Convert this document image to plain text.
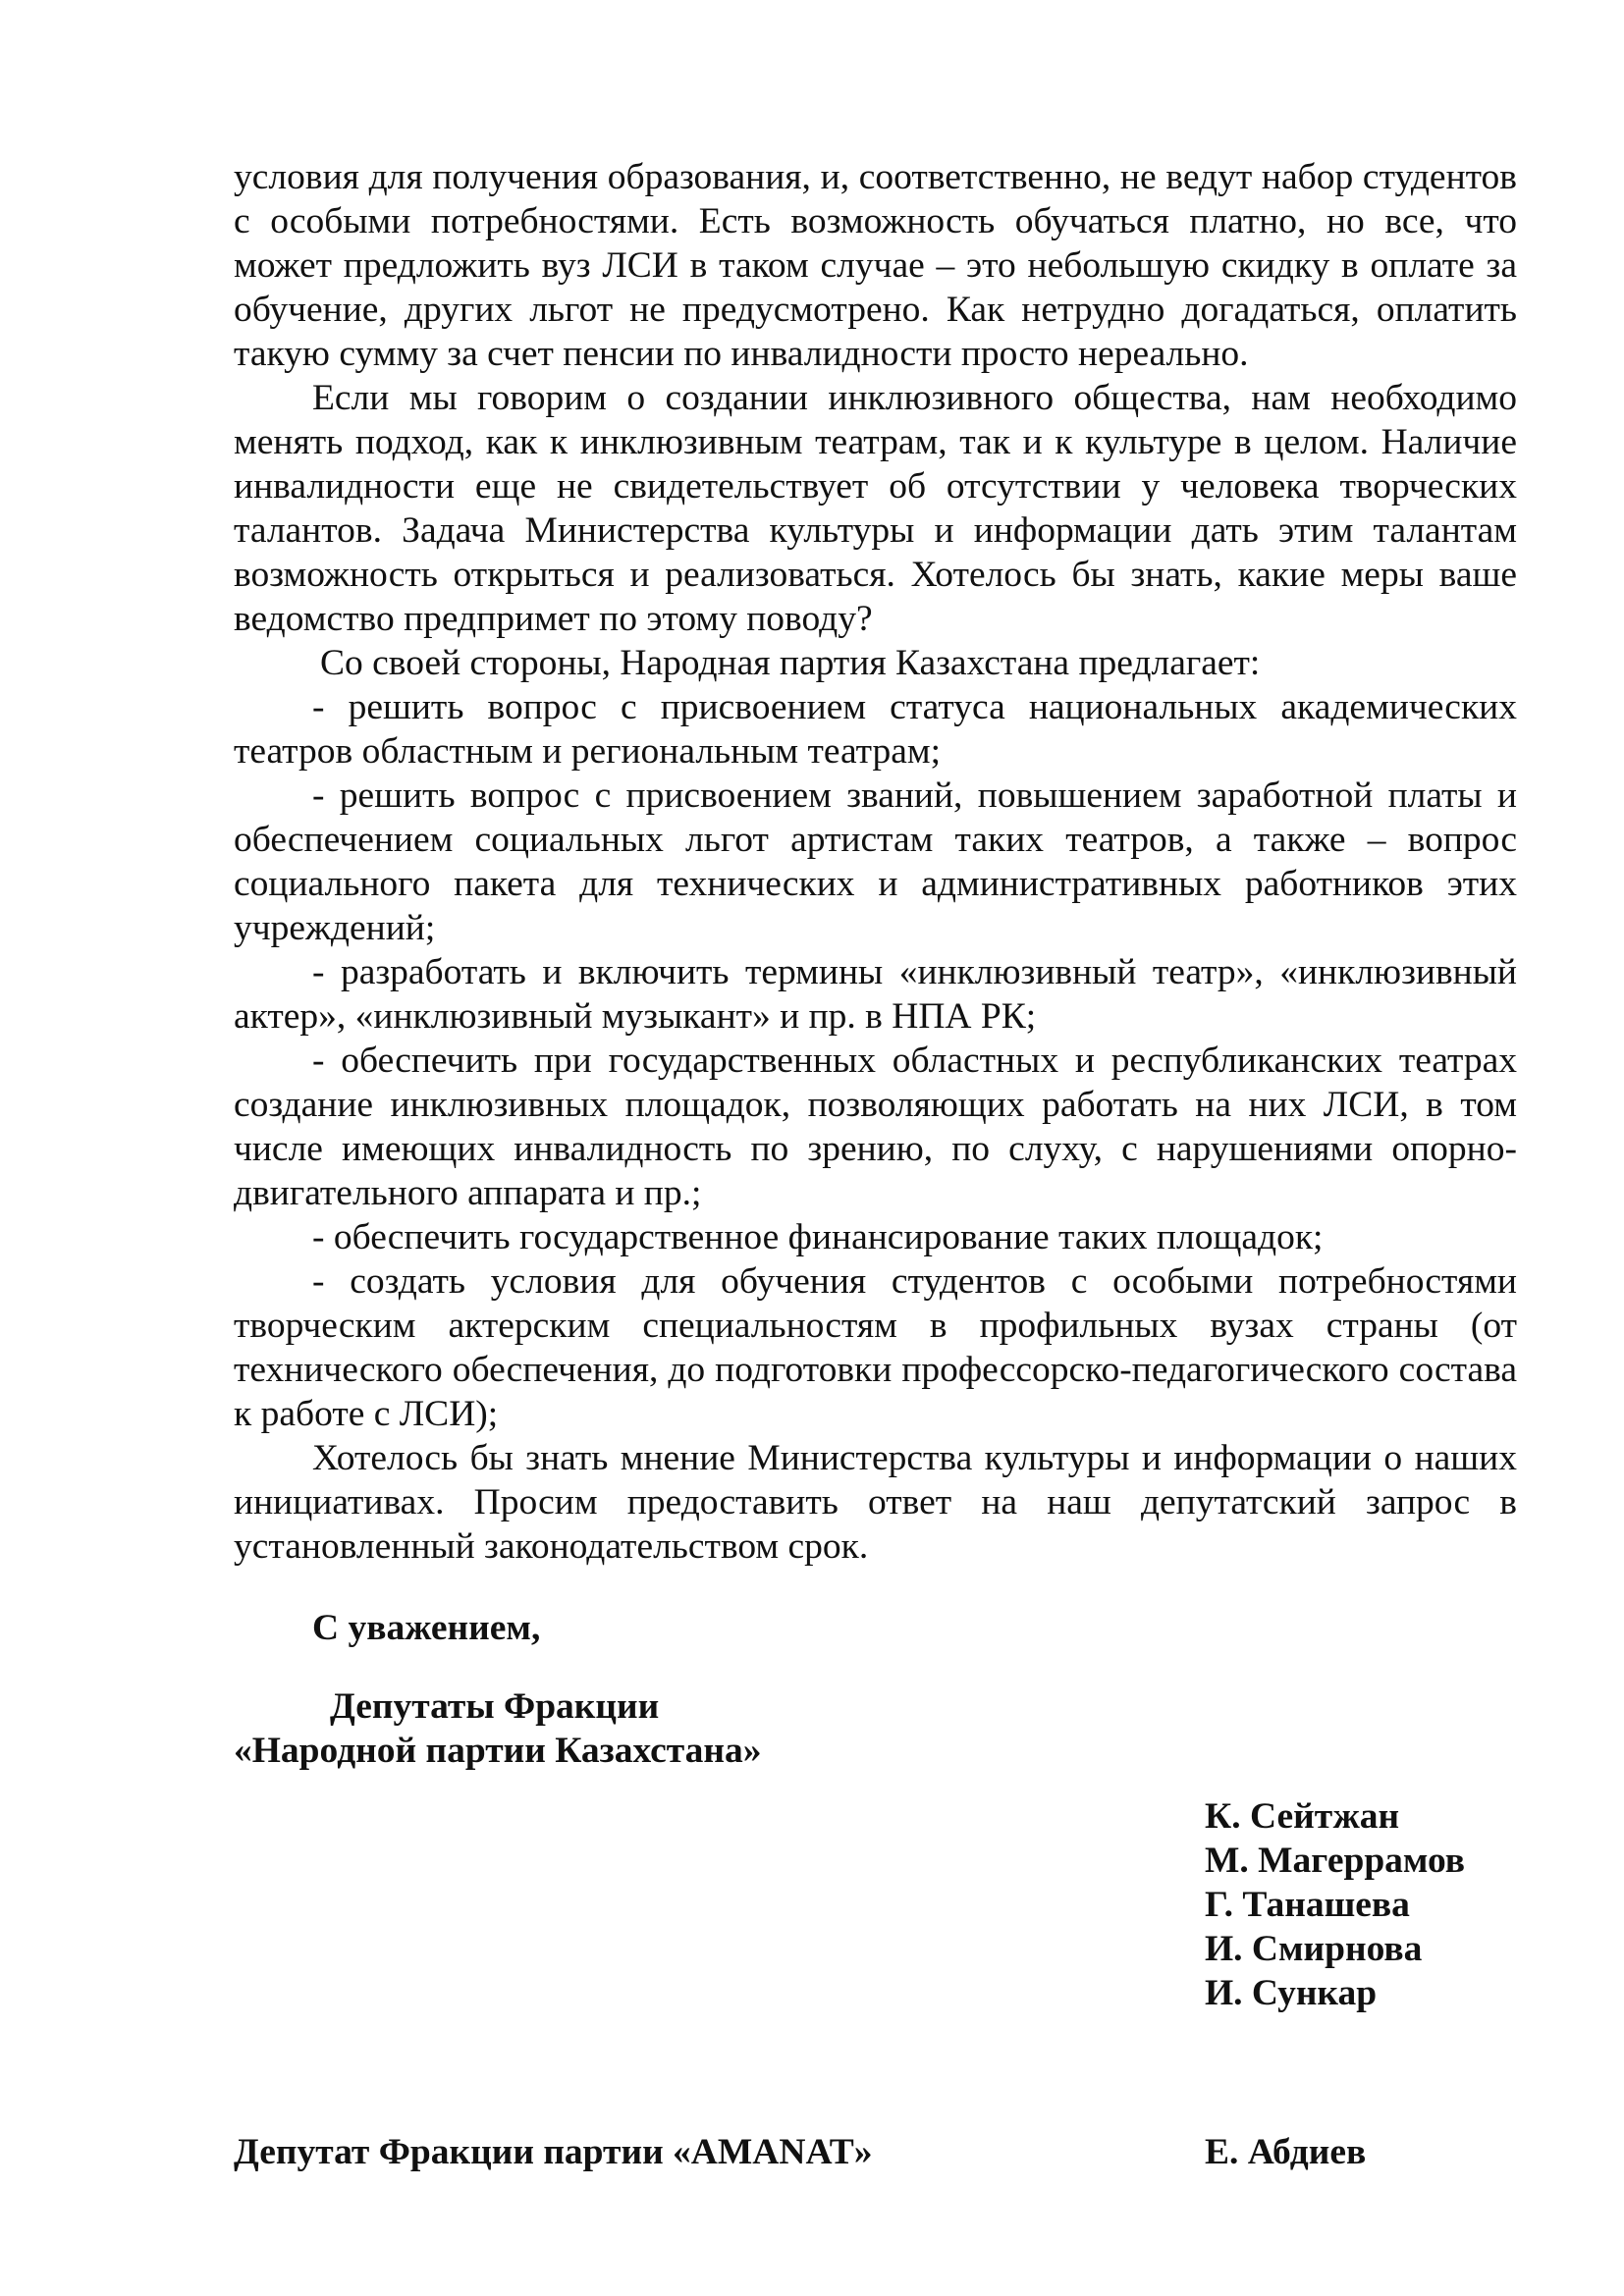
условия для получения образования, и, соответственно, не ведут набор студентов с особыми потребностями. Есть возможность обучаться платно, но все, что может предложить вуз ЛСИ в таком случае – это небольшую скидку в оплате за обучение, других льгот не предусмотрено. Как нетрудно догадаться, оплатить такую сумму за счет пенсии по инвалидности просто нереально.

Если мы говорим о создании инклюзивного общества, нам необходимо менять подход, как к инклюзивным театрам, так и к культуре в целом. Наличие инвалидности еще не свидетельствует об отсутствии у человека творческих талантов. Задача Министерства культуры и информации дать этим талантам возможность открыться и реализоваться. Хотелось бы знать, какие меры ваше ведомство предпримет по этому поводу?

Со своей стороны, Народная партия Казахстана предлагает:

- решить вопрос с присвоением статуса национальных академических театров областным и региональным театрам;

- решить вопрос с присвоением званий, повышением заработной платы и обеспечением социальных льгот артистам таких театров, а также – вопрос социального пакета для технических и административных работников этих учреждений;

- разработать и включить термины «инклюзивный театр», «инклюзивный актер», «инклюзивный музыкант» и пр. в НПА РК;

- обеспечить при государственных областных и республиканских театрах создание инклюзивных площадок, позволяющих работать на них ЛСИ, в том числе имеющих инвалидность по зрению, по слуху, с нарушениями опорно-двигательного аппарата и пр.;

- обеспечить государственное финансирование таких площадок;

- создать условия для обучения студентов с особыми потребностями творческим актерским специальностям в профильных вузах страны (от технического обеспечения, до подготовки профессорско-педагогического состава к работе с ЛСИ);

Хотелось бы знать мнение Министерства культуры и информации о наших инициативах. Просим предоставить ответ на наш депутатский запрос в установленный законодательством срок.

С уважением,

Депутаты Фракции

«Народной партии Казахстана»

К. Сейтжан
М. Магеррамов
Г. Танашева
И. Смирнова
И. Сункар
Депутат Фракции партии «AMANAT»	Е. Абдиев
